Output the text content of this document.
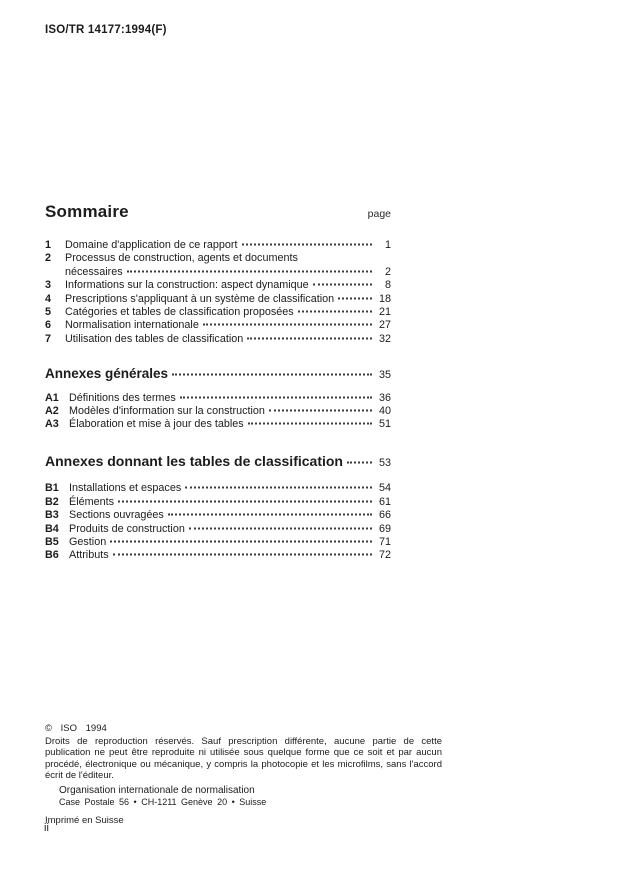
ISO/TR 14177:1994(F)
Sommaire	page
1	Domaine d'application de ce rapport	1
2	Processus de construction, agents et documents
nécessaires	2
3	Informations sur la construction: aspect dynamique	8
4	Prescriptions s'appliquant à un système de classification	18
5	Catégories et tables de classification proposées	21
6	Normalisation internationale	27
7	Utilisation des tables de classification	32
Annexes générales	35
A1 Définitions des termes	36
A2 Modèles d'information sur la construction	40
A3 Élaboration et mise à jour des tables	51
Annexes donnant les tables de classification	53
B1 Installations et espaces	54
B2 Éléments	61
B3 Sections ouvragées	66
B4 Produits de construction	69
B5 Gestion	71
B6 Attributs	72
© ISO 1994

Droits de reproduction réservés. Sauf prescription différente, aucune partie de cette publication ne peut être reproduite ni utilisée sous quelque forme que ce soit et par aucun procédé, électronique ou mécanique, y compris la photocopie et les microfilms, sans l'accord écrit de l'éditeur.

Organisation internationale de normalisation
Case Postale 56 • CH-1211 Genève 20 • Suisse
Imprimé en Suisse
ii
